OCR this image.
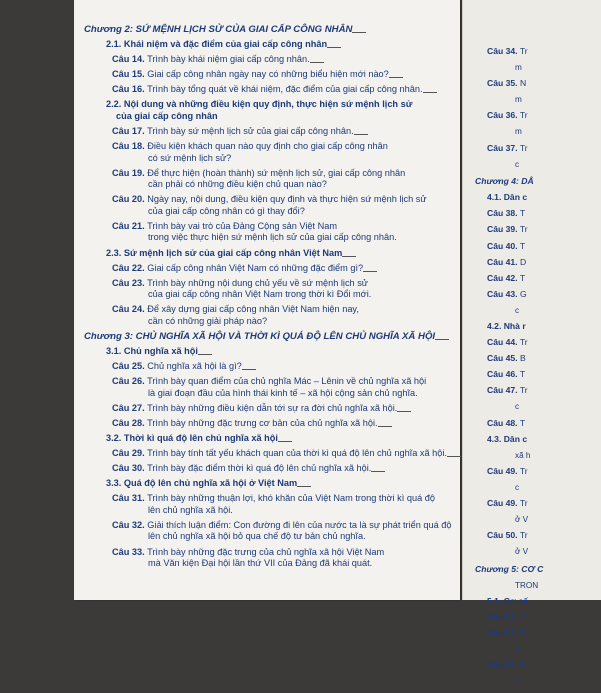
Chương 2: SỨ MỆNH LỊCH SỬ CỦA GIAI CẤP CÔNG NHÂN
2.1. Khái niệm và đặc điểm của giai cấp công nhân
Câu 14. Trình bày khái niệm giai cấp công nhân.
Câu 15. Giai cấp công nhân ngày nay có những biểu hiện mới nào?
Câu 16. Trình bày tổng quát về khái niệm, đặc điểm của giai cấp công nhân.
2.2. Nội dung và những điều kiện quy định, thực hiện sứ mệnh lịch sử
của giai cấp công nhân
Câu 17. Trình bày sứ mệnh lịch sử của giai cấp công nhân.
Câu 18. Điều kiện khách quan nào quy định cho giai cấp công nhân
có sứ mệnh lịch sử?
Câu 19. Để thực hiện (hoàn thành) sứ mệnh lịch sử, giai cấp công nhân
cần phải có những điều kiện chủ quan nào?
Câu 20. Ngày nay, nội dung, điều kiện quy định và thực hiện sứ mệnh lịch sử
của giai cấp công nhân có gì thay đổi?
Câu 21. Trình bày vai trò của Đảng Cộng sản Việt Nam
trong việc thực hiện sứ mệnh lịch sử của giai cấp công nhân.
2.3. Sứ mệnh lịch sử của giai cấp công nhân Việt Nam
Câu 22. Giai cấp công nhân Việt Nam có những đặc điểm gì?
Câu 23. Trình bày những nội dung chủ yếu về sứ mệnh lịch sử
của giai cấp công nhân Việt Nam trong thời kì Đổi mới.
Câu 24. Để xây dựng giai cấp công nhân Việt Nam hiện nay,
cần có những giải pháp nào?
Chương 3: CHỦ NGHĨA XÃ HỘI VÀ THỜI KÌ QUÁ ĐỘ LÊN CHỦ NGHĨA XÃ HỘI
3.1. Chủ nghĩa xã hội
Câu 25. Chủ nghĩa xã hội là gì?
Câu 26. Trình bày quan điểm của chủ nghĩa Mác – Lênin về chủ nghĩa xã hội
là giai đoạn đầu của hình thái kinh tế – xã hội cộng sản chủ nghĩa.
Câu 27. Trình bày những điều kiện dẫn tới sự ra đời chủ nghĩa xã hội.
Câu 28. Trình bày những đặc trưng cơ bản của chủ nghĩa xã hội.
3.2. Thời kì quá độ lên chủ nghĩa xã hội
Câu 29. Trình bày tính tất yếu khách quan của thời kì quá độ lên chủ nghĩa xã hội.
Câu 30. Trình bày đặc điểm thời kì quá độ lên chủ nghĩa xã hội.
3.3. Quá độ lên chủ nghĩa xã hội ở Việt Nam
Câu 31. Trình bày những thuận lợi, khó khăn của Việt Nam trong thời kì quá độ
lên chủ nghĩa xã hội.
Câu 32. Giải thích luận điểm: Con đường đi lên của nước ta là sự phát triển quá độ
lên chủ nghĩa xã hội bỏ qua chế độ tư bản chủ nghĩa.
Câu 33. Trình bày những đặc trưng của chủ nghĩa xã hội Việt Nam
mà Văn kiện Đại hội lần thứ VII của Đảng đã khái quát.
Câu 34. Tr
m
Câu 35. N
m
Câu 36. Tr
m
Câu 37. Tr
c
Chương 4: DÂ
4.1. Dân c
Câu 38. T
Câu 39. Tr
Câu 40. T
Câu 41. D
Câu 42. T
Câu 43. G
c
4.2. Nhà r
Câu 44. Tr
Câu 45. B
Câu 46. T
Câu 47. Tr
c
Câu 48. T
4.3. Dân c
xã h
Câu 49. Tr
c
Câu 49. Tr
ở V
Câu 50. Tr
ở V
Chương 5: CƠ C
TRON
5.1. Cơ cấ
Câu 51. C
Câu 52. Tr
tr
Câu 53. Tr
c
